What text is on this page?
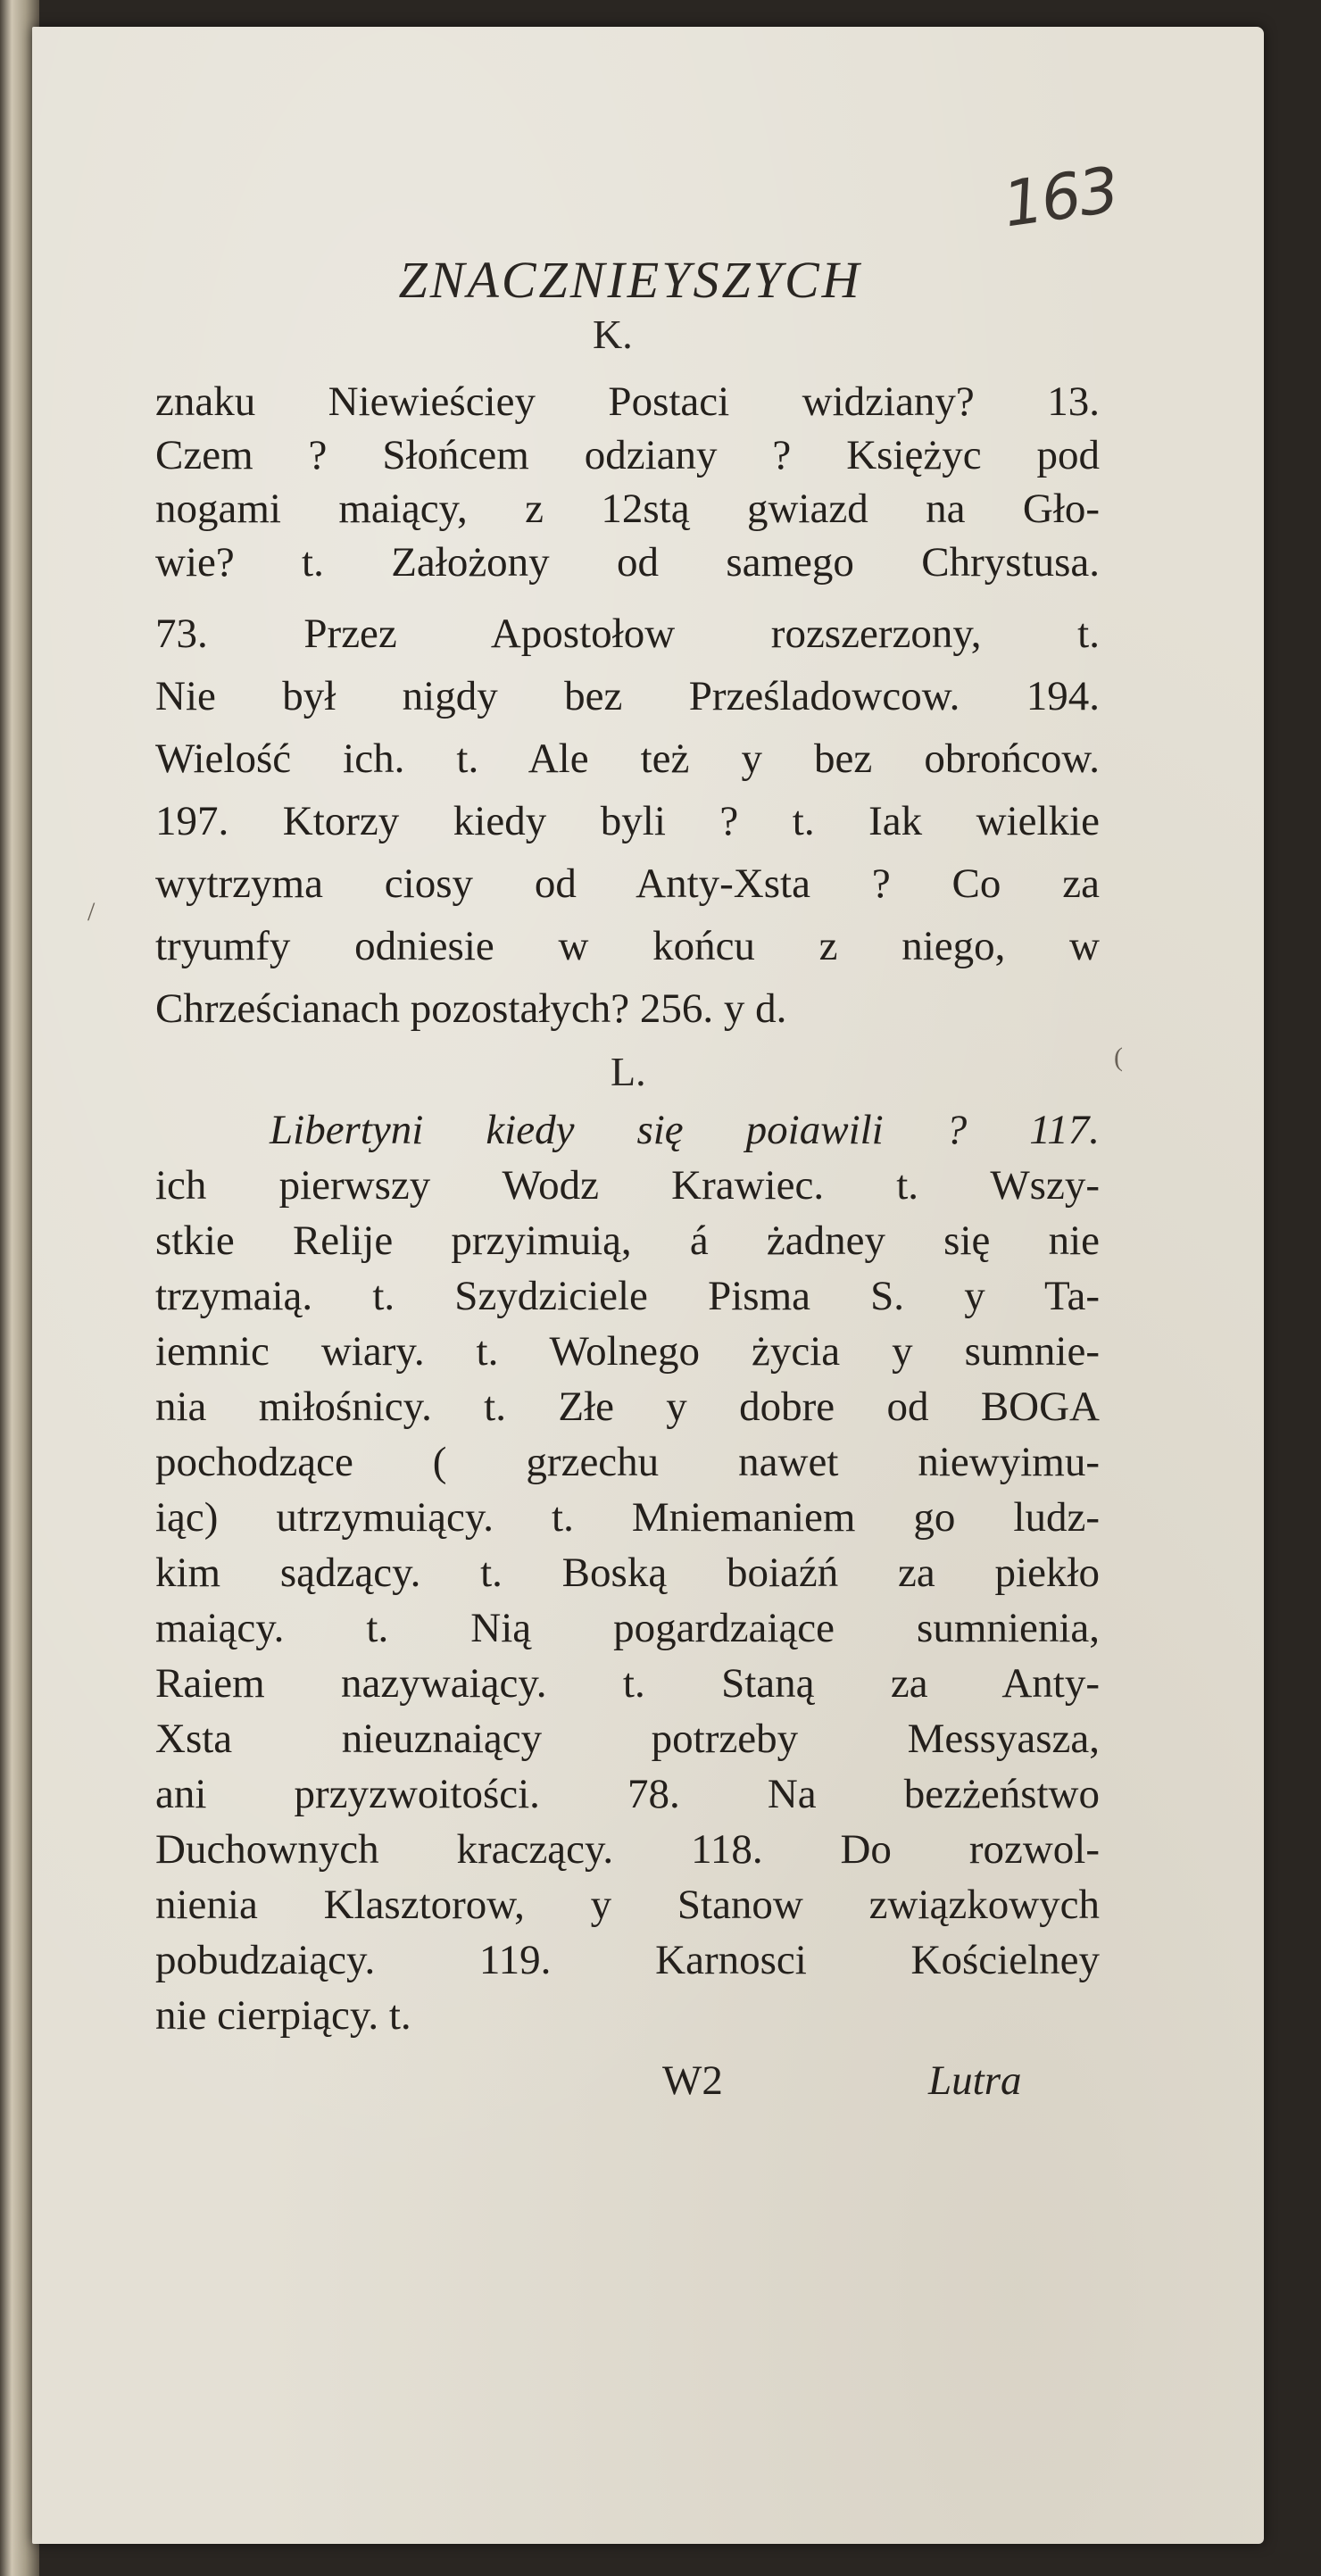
163
ZNACZNIEYSZYCH
K.
znaku Niewieściey Postaci widziany? 13.
Czem ? Słońcem odziany ? Księżyc pod
nogami maiący, z 12stą gwiazd na Gło-
wie? t. Założony od samego Chrystusa.
73. Przez Apostołow rozszerzony, t.
Nie był nigdy bez Prześladowcow. 194.
Wielość ich. t. Ale też y bez obrońcow.
197. Ktorzy kiedy byli ? t. Iak wielkie
wytrzyma ciosy od Anty-Xsta ? Co za
tryumfy odniesie w końcu z niego, w
Chrześcianach pozostałych? 256. y d.
L.
Libertyni kiedy się poiawili ? 117.
ich pierwszy Wodz Krawiec. t. Wszy-
stkie Relije przyimuią, á żadney się nie
trzymaią. t. Szydziciele Pisma S. y Ta-
iemnic wiary. t. Wolnego życia y sumnie-
nia miłośnicy. t. Złe y dobre od BOGA
pochodzące ( grzechu nawet niewyimu-
iąc) utrzymuiący. t. Mniemaniem go ludz-
kim sądzący. t. Boską boiaźń za piekło
maiący. t. Nią pogardzaiące sumnienia,
Raiem nazywaiący. t. Staną za Anty-
Xsta nieuznaiący potrzeby Messyasza,
ani przyzwoitości. 78. Na bezżeństwo
Duchownych kraczący. 118. Do rozwol-
nienia Klasztorow, y Stanow związkowych
pobudzaiący. 119. Karnosci Kościelney
nie cierpiący. t.
W2	Lutra
/
(
